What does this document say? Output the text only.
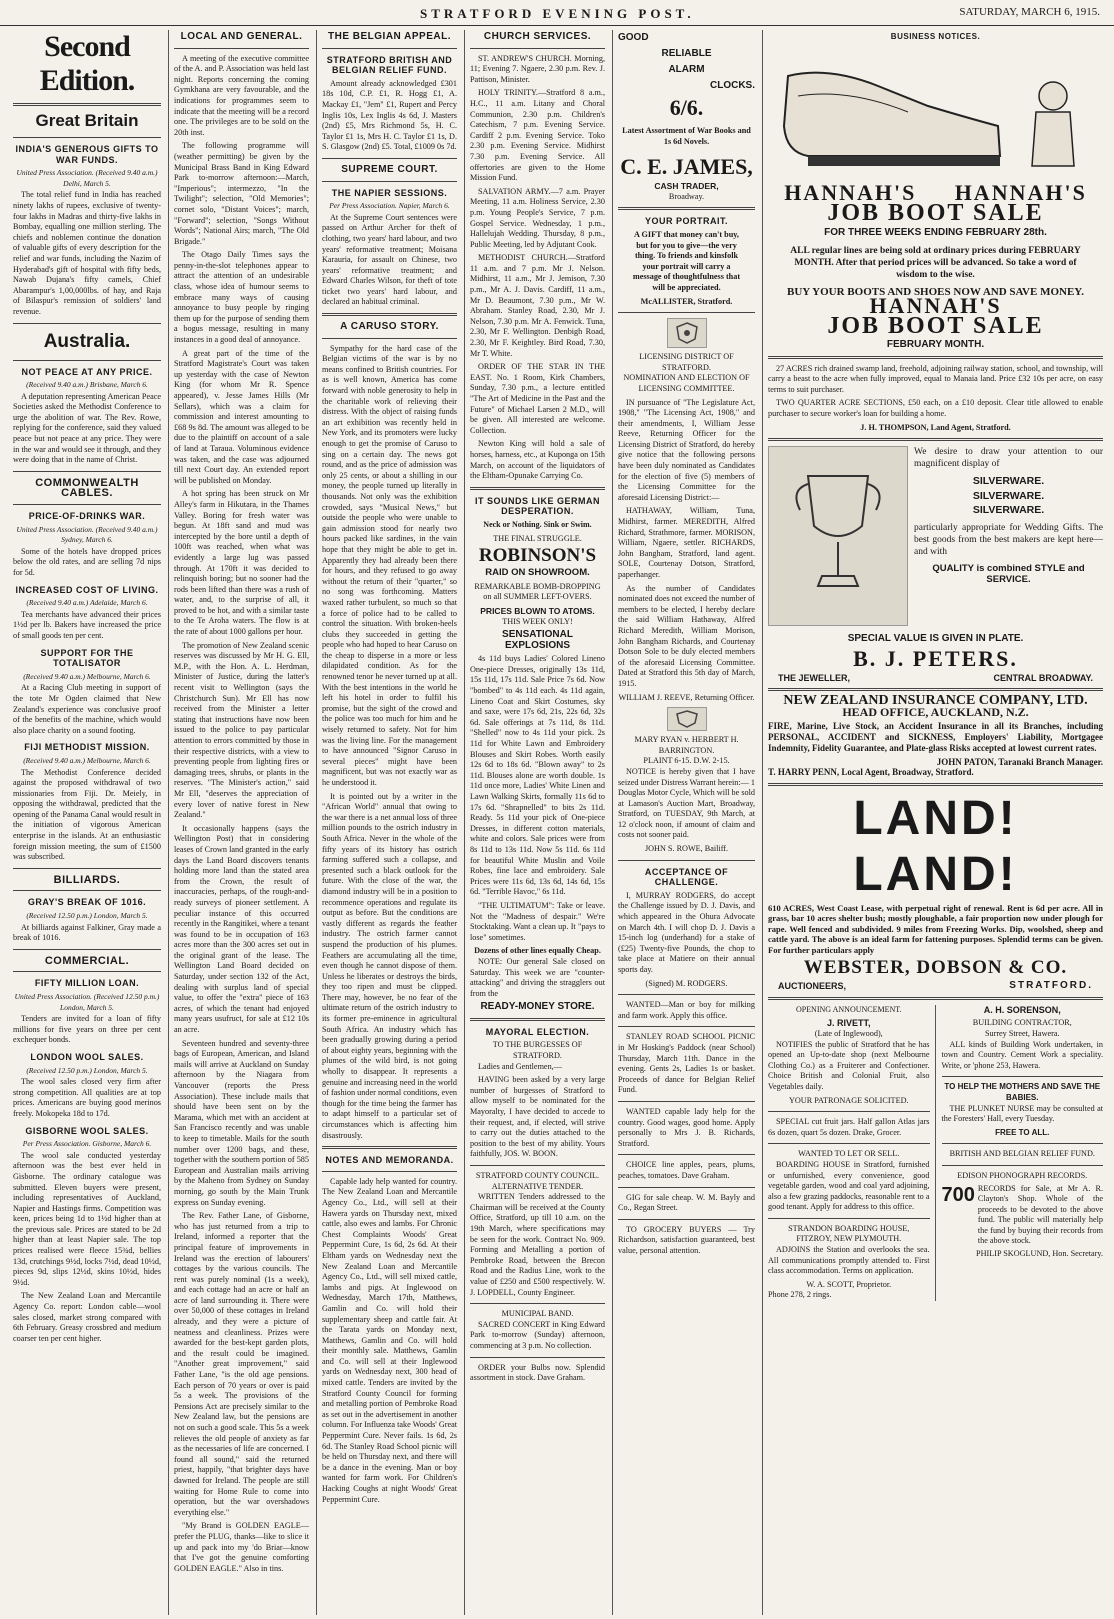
STRATFORD EVENING POST.	SATURDAY, MARCH 6, 1915.
Second Edition.
Great Britain
INDIA'S GENEROUS GIFTS TO WAR FUNDS.
United Press Association. (Received 9.40 a.m.) Delhi, March 5.

The total relief fund in India has reached ninety lakhs of rupees, exclusive of twenty-four lakhs in Madras and thirty-five lakhs in Bombay, equalling one million sterling. The chiefs and noblemen continue the donation of valuable gifts of every description for the relief and war funds, including the Nazim of Hyderabad's gift of hospital with fifty beds, Nawab Dujana's fifty camels, Chief Abarampur's 1,00,000lbs. of hay, and Raja of Bilaspur's remission of soldiers' land revenue.

Australia.
NOT PEACE AT ANY PRICE.
(Received 9.40 a.m.) Brisbane, March 6.

A deputation representing American Peace Societies asked the Methodist Conference to urge the abolition of war. The Rev. Rowe, replying for the conference, said they valued peace but not peace at any price. They were in the war and would see it through, and they were doing that in the name of Christ.

COMMONWEALTH CABLES.
PRICE-OF-DRINKS WAR.
United Press Association. (Received 9.40 a.m.) Sydney, March 6.

Some of the hotels have dropped prices below the old rates, and are selling 7d nips for 5d.

INCREASED COST OF LIVING.
(Received 9.40 a.m.) Adelaide, March 6.

Tea merchants have advanced their prices 1½d per lb. Bakers have increased the price of small goods ten per cent.

SUPPORT FOR THE TOTALISATOR
(Received 9.40 a.m.) Melbourne, March 6.

At a Racing Club meeting in support of the tote Mr Ogden claimed that New Zealand's experience was conclusive proof of the benefits of the machine, which would also place charity on a sound footing.

FIJI METHODIST MISSION.
(Received 9.40 a.m.) Melbourne, March 6.

The Methodist Conference decided against the proposed withdrawal of two missionaries from Fiji. Dr. Meiely, in opposing the withdrawal, predicted that the opening of the Panama Canal would result in the initiation of vigorous American enterprise in the islands. At an enthusiastic foreign mission meeting, the sum of £1500 was subscribed.

BILLIARDS.
GRAY'S BREAK OF 1016.
(Received 12.50 p.m.) London, March 5.

At billiards against Falkiner, Gray made a break of 1016.

COMMERCIAL.
FIFTY MILLION LOAN.
United Press Association. (Received 12.50 p.m.) London, March 5.

Tenders are invited for a loan of fifty millions for five years on three per cent exchequer bonds.

LONDON WOOL SALES.
(Received 12.50 p.m.) London, March 5.

The wool sales closed very firm after strong competition. All qualities are at top prices. Americans are buying good merinos freely. Mokopeka 18d to 17d.

GISBORNE WOOL SALES.
Per Press Association. Gisborne, March 6.

The wool sale conducted yesterday afternoon was the best ever held in Gisborne. The ordinary catalogue was submitted. Eleven buyers were present, including representatives of Auckland, Napier and Hastings firms. Competition was keen, prices being 1d to 1½d higher than at the previous sale. Prices are stated to be 2d higher than at least Napier sale. The top prices realised were fleece 15¾d, bellies 13d, crutchings 9½d, locks 7½d, dead 10½d, pieces 9d, slips 12½d, skins 10½d, hides 9½d.

The New Zealand Loan and Mercantile Agency Co. report: London cable—wool sales closed, market strong compared with 6th February. Greasy crossbred and medium coarser ten per cent higher.

LOCAL AND GENERAL.

A meeting of the executive committee of the A. and P. Association was held last night. Reports concerning the coming Gymkhana are very favourable, and the indications for programmes seem to indicate that the meeting will be a record one. The privileges are to be sold on the 20th inst.

The following programme will (weather permitting) be given by the Municipal Brass Band in King Edward Park to-morrow afternoon:—March, "Imperious"; intermezzo, "In the Twilight"; selection, "Old Memories"; cornet solo, "Distant Voices"; march, "Forward"; selection, "Songs Without Words"; National Airs; march, "The Old Brigade."

The Otago Daily Times says the penny-in-the-slot telephones appear to attract the attention of an undesirable class, whose idea of humour seems to embrace many ways of causing annoyance to busy people by ringing them up for the purpose of sending them a bogus message, resulting in many instances in a good deal of annoyance.

A great part of the time of the Stratford Magistrate's Court was taken up yesterday with the case of Newton King (for whom Mr R. Spence appeared), v. Jesse James Hills (Mr Sellars), which was a claim for commission and interest amounting to £68 9s 8d. The amount was alleged to be due to the plaintiff on account of a sale of land at Taraua. Voluminous evidence was taken, and the case was adjourned till next Court day. An extended report will be published on Monday.

A hot spring has been struck on Mr Alley's farm in Hikutara, in the Thames Valley. Boring for fresh water was begun. At 18ft sand and mud was intercepted by the bore until a depth of 100ft was reached, when what was evidently a large lug was passed through. At 170ft it was decided to relinquish boring; but no sooner had the rods been lifted than there was a rush of water, and, to the surprise of all, it proved to be hot, and with a similar taste to the Te Aroha waters. The flow is at the rate of about 1000 gallons per hour.

The promotion of New Zealand scenic reserves was discussed by Mr H. G. Ell, M.P., with the Hon. A. L. Herdman, Minister of Justice, during the latter's recent visit to Wellington (says the Christchurch Sun). Mr Ell has now received from the Minister a letter stating that instructions have now been issued to the police to pay particular attention to errors committed by those in their respective districts, with a view to preventing people from lighting fires or damaging trees, shrubs, or plants in the reserves. "The Minister's action," said Mr Ell, "deserves the appreciation of every lover of native forest in New Zealand."

It occasionally happens (says the Wellington Post) that in considering leases of Crown land granted in the early days the Land Board discovers tenants holding more land than the stated area from the Crown, the result of inaccuracies, perhaps, of the rough-and-ready surveys of pioneer settlement. A peculiar instance of this occurred recently in the Rangitikei, where a tenant was found to be in occupation of 163 acres more than the 300 acres set out in the original grant of the lease. The Wellington Land Board decided on Saturday, under section 132 of the Act, dealing with surplus land of special value, to offer the "extra" piece of 163 acres, of which the tenant had enjoyed many years usufruct, for sale at £12 10s an acre.

Seventeen hundred and seventy-three bags of European, American, and Island mails will arrive at Auckland on Sunday afternoon by the Niagara from Vancouver (reports the Press Association). These include mails that should have been sent on by the Marama, which met with an accident at San Francisco recently and was unable to keep to timetable. Mails for the south number over 1200 bags, and these, together with the southern portion of 585 European and Australian mails arriving by the Maheno from Sydney on Sunday morning, go south by the Main Trunk express on Sunday evening.

The Rev. Father Lane, of Gisborne, who has just returned from a trip to Ireland, informed a reporter that the principal feature of improvements in Ireland was the erection of labourers' cottages by the various councils. The rent was purely nominal (1s a week), and each cottage had an acre or half an acre of land surrounding it. There were over 50,000 of these cottages in Ireland already, and they were a picture of neatness and cleanliness. Prizes were awarded for the best-kept garden plots, and the result could be imagined. "Another great improvement," said Father Lane, "is the old age pensions. Each person of 70 years or over is paid 5s a week. The provisions of the Pensions Act are precisely similar to the New Zealand law, but the pensions are not on such a good scale. This 5s a week relieves the old people of anxiety as far as the necessaries of life are concerned. I found all sound," said the returned priest, happily, "that brighter days have dawned for Ireland. The people are still waiting for Home Rule to come into operation, but the war overshadows everything else."

"My Brand is GOLDEN EAGLE—prefer the PLUG, thanks—like to slice it up and pack into my 'do Briar—know that I've got the genuine comforting GOLDEN EAGLE." Also in tins.

THE BELGIAN APPEAL.
STRATFORD BRITISH AND BELGIAN RELIEF FUND.

Amount already acknowledged £301 18s 10d, C.P. £1, R. Hogg £1, A. Mackay £1, "Jem" £1, Rupert and Percy Inglis 10s, Lex Inglis 4s 6d, J. Masters (2nd) £5, Mrs Richmond 5s, H. C. Taylor £1 1s, Mrs H. C. Taylor £1 1s, D. S. Glasgow (2nd) £5. Total, £1009 0s 7d.

SUPREME COURT.
THE NAPIER SESSIONS.
Per Press Association. Napier, March 6.

At the Supreme Court sentences were passed on Arthur Archer for theft of clothing, two years' hard labour, and two years' reformative treatment; Moisana Karauria, for assault on Chinese, two years' reformative treatment; and Edward Charles Wilson, for theft of tote ticket two years' hard labour, and declared an habitual criminal.

A CARUSO STORY.

Sympathy for the hard case of the Belgian victims of the war is by no means confined to British countries. For as is well known, America has come forward with noble generosity to help in the charitable work of relieving their distress. With the object of raising funds an art exhibition was recently held in New York, and its promoters were lucky enough to get the promise of Caruso to sing on a certain day. The news got round, and as the price of admission was only 25 cents, or about a shilling in our money, the people turned up literally in thousands. Not only was the exhibition crowded, says "Musical News," but outside the people who were unable to gain admission stood for nearly two hours packed like sardines, in the vain hope that they might be able to get in. Apparently they had already been there for hours, and they refused to go away without the return of their "quarter," so no song was forthcoming. Matters waxed rather turbulent, so much so that a force of police had to be called to control the situation. With broken-heels clubs they succeeded in getting the people who had hoped to hear Caruso on the cheap to disperse in a more or less dilapidated condition. As for the renowned tenor he never turned up at all. With the best intentions in the world he left his hotel in order to fulfil his promise, but the sight of the crowd and the police was too much for him and he wisely returned to safety. Not for him was the living line. For the management to have announced "Signor Caruso in several pieces" might have been magnificent, but was not exactly war as he understood it.

It is pointed out by a writer in the "African World" annual that owing to the war there is a net annual loss of three million pounds to the ostrich industry in South Africa. Never in the whole of the fifty years of its history has ostrich farming suffered such a collapse, and presented such a black outlook for the future. With the close of the war, the diamond industry will be in a position to recommence operations and regulate its output as before. But the conditions are vastly different as regards the feather industry. The ostrich farmer cannot suspend the production of his plumes. Feathers are accumulating all the time, even though he cannot dispose of them. Unless he liberates or destroys the birds, they too ripen and must be clipped. There may, however, be no fear of the ultimate return of the ostrich industry to its former pre-eminence in agricultural South Africa. An industry which has been gradually growing during a period of about eighty years, beginning with the plumes of the wild bird, is not going wholly to disappear. It represents a genuine and increasing need in the world of fashion under normal conditions, even though for the time being the farmer has to adapt himself to a particular set of circumstances which is affecting him disastrously.

NOTES AND MEMORANDA.

Capable lady help wanted for country. The New Zealand Loan and Mercantile Agency Co., Ltd., will sell at their Hawera yards on Thursday next, mixed cattle, also ewes and lambs. For Chronic Chest Complaints Woods' Great Peppermint Cure, 1s 6d, 2s 6d. At their Eltham yards on Wednesday next the New Zealand Loan and Mercantile Agency Co., Ltd., will sell mixed cattle, lambs and pigs. At Inglewood on Wednesday, March 17th, Matthews, Gamlin and Co. will hold their supplementary sheep and cattle fair. At the Tarata yards on Monday next, Matthews, Gamlin and Co. will hold their monthly sale. Matthews, Gamlin and Co. will sell at their Inglewood yards on Wednesday next, 300 head of mixed cattle. Tenders are invited by the Stratford County Council for forming and metalling portion of Pembroke Road as set out in the advertisement in another column. For Influenza take Woods' Great Peppermint Cure. Never fails. 1s 6d, 2s 6d. The Stanley Road School picnic will be held on Thursday next, and there will be a dance in the evening. Man or boy wanted for farm work. For Children's Hacking Coughs at night Woods' Great Peppermint Cure.

CHURCH SERVICES.

ST. ANDREW'S CHURCH. Morning, 11; Evening 7. Ngaere, 2.30 p.m. Rev. J. Pattison, Minister.

HOLY TRINITY.—Stratford 8 a.m., H.C., 11 a.m. Litany and Choral Communion, 2.30 p.m. Children's Catechism, 7 p.m. Evening Service. Cardiff 2 p.m. Evening Service. Toko 2.30 p.m. Evening Service. Midhirst 7.30 p.m. Evening Service. All offertories are given to the Home Mission Fund.

SALVATION ARMY.—7 a.m. Prayer Meeting, 11 a.m. Holiness Service, 2.30 p.m. Young People's Service, 7 p.m. Gospel Service. Wednesday, 1 p.m., Hallelujah Wedding. Thursday, 8 p.m., Public Meeting, led by Adjutant Cook.

METHODIST CHURCH.—Stratford 11 a.m. and 7 p.m. Mr J. Nelson. Midhirst, 11 a.m., Mr J. Jemison, 7.30 p.m., Mr A. J. Davis. Cardiff, 11 a.m., Mr D. Beaumont, 7.30 p.m., Mr W. Abraham. Stanley Road, 2.30, Mr J. Nelson, 7.30 p.m. Mr A. Fenwick. Tuna, 2.30, Mr F. Wellington. Denbigh Road, 2.30, Mr F. Keightley. Bird Road, 7.30, Mr T. White.

ORDER OF THE STAR IN THE EAST. No. 1 Room, Kirk Chambers, Sunday, 7.30 p.m., a lecture entitled "The Art of Medicine in the Past and the Future" of Michael Larsen 2 M.D., will be given. All interested are welcome. Collection.

Newton King will hold a sale of horses, harness, etc., at Kuponga on 15th March, on account of the liquidators of the Eltham-Opunake Carrying Co.

IT SOUNDS LIKE GERMAN DESPERATION.
Neck or Nothing. Sink or Swim.
THE FINAL STRUGGLE.
ROBINSON'S
RAID ON SHOWROOM.
REMARKABLE BOMB-DROPPING on all SUMMER LEFT-OVERS.
PRICES BLOWN TO ATOMS.
THIS WEEK ONLY!
SENSATIONAL EXPLOSIONS

4s 11d buys Ladies' Colored Lineno One-piece Dresses, originally 13s 11d, 15s 11d, 17s 11d. Sale Price 7s 6d. Now "bombed" to 4s 11d each. 4s 11d again, Lineno Coat and Skirt Costumes, sky and saxe, were 17s 6d, 21s, 22s 6d, 32s 6d. Sale offerings at 7s 11d, 8s 11d. "Shelled" now to 4s 11d your pick. 2s 11d for White Lawn and Embroidery Blouses and Skirt Robes. Worth easily 12s 6d to 18s 6d. "Blown away" to 2s 11d. Blouses alone are worth double. 1s 11d once more, Ladies' White Linen and Lawn Walking Skirts, formally 11s 6d to 17s 6d. "Shrapnelled" to bits 2s 11d. Ready. 5s 11d your pick of One-piece Dresses, in different cotton materials, white and colors. Sale prices were from 8s 11d to 13s 11d. Now 5s 11d. 6s 11d for beautiful White Muslin and Voile Robes, fine lace and embroidery. Sale Prices were 11s 6d, 13s 6d, 14s 6d, 15s 6d. "Terrible Havoc," 6s 11d.

"THE ULTIMATUM": Take or leave. Not the "Madness of despair." We're Stocktaking. Want a clean up. It "pays to lose" sometimes.

Dozens of other lines equally Cheap.

NOTE: Our general Sale closed on Saturday. This week we are "counter-attacking" and driving the stragglers out from the

READY-MONEY STORE.
MAYORAL ELECTION.
TO THE BURGESSES OF STRATFORD.

Ladies and Gentlemen,—

HAVING been asked by a very large number of burgesses of Stratford to allow myself to be nominated for the Mayoralty, I have decided to accede to their request, and, if elected, will strive to carry out the duties attached to the position to the best of my ability. Yours faithfully, JOS. W. BOON.

STRATFORD COUNTY COUNCIL.
ALTERNATIVE TENDER.

WRITTEN Tenders addressed to the Chairman will be received at the County Office, Stratford, up till 10 a.m. on the 19th March, where specifications may be seen for the work. Contract No. 909. Forming and Metalling a portion of Pembroke Road, between the Brecon Road and the Radius Line, work to the value of £250 and £500 respectively. W. J. LOPDELL, County Engineer.

MUNICIPAL BAND.

SACRED CONCERT in King Edward Park to-morrow (Sunday) afternoon, commencing at 3 p.m. No collection.

ORDER your Bulbs now. Splendid assortment in stock. Dave Graham.

GOOD
RELIABLE
ALARM
CLOCKS.
6/6.
Latest Assortment of War Books and 1s 6d Novels.
C. E. JAMES,
CASH TRADER,
Broadway.
YOUR PORTRAIT.
A GIFT that money can't buy, but for you to give—the very thing. To friends and kinsfolk your portrait will carry a message of thoughtfulness that will be appreciated.
McALLISTER, Stratford.
LICENSING DISTRICT OF STRATFORD.
NOMINATION AND ELECTION OF LICENSING COMMITTEE.

IN pursuance of "The Legislature Act, 1908," "The Licensing Act, 1908," and their amendments, I, William Jesse Reeve, Returning Officer for the Licensing District of Stratford, do hereby give notice that the following persons have been duly nominated as Candidates for the election of five (5) members of the Licensing Committee for the aforesaid Licensing District:—

HATHAWAY, William, Tuna, Midhirst, farmer. MEREDITH, Alfred Richard, Strathmore, farmer. MORISON, William, Ngaere, settler. RICHARDS, John Bangham, Stratford, land agent. SOLE, Courtenay Dotson, Stratford, paperhanger.

As the number of Candidates nominated does not exceed the number of members to be elected, I hereby declare the said William Hathaway, Alfred Richard Meredith, William Morison, John Bangham Richards, and Courtenay Dotson Sole to be duly elected members of the aforesaid Licensing Committee. Dated at Stratford this 5th day of March, 1915.

WILLIAM J. REEVE, Returning Officer.
MARY RYAN v. HERBERT H. BARRINGTON.
PLAINT 6-15. D.W. 2-15.

NOTICE is hereby given that I have seized under Distress Warrant herein:— 1 Douglas Motor Cycle, Which will be sold at Lamason's Auction Mart, Broadway, Stratford, on TUESDAY, 9th March, at 12 o'clock noon, if amount of claim and costs not sooner paid.

JOHN S. ROWE, Bailiff.
ACCEPTANCE OF CHALLENGE.

I, MURRAY RODGERS, do accept the Challenge issued by D. J. Davis, and which appeared in the Ohura Advocate on March 4th. I will chop D. J. Davis a 15-inch log (underhand) for a stake of (£25) Twenty-five Pounds, the chop to take place at Matiere on their annual sports day.

(Signed) M. RODGERS.

WANTED—Man or boy for milking and farm work. Apply this office.

STANLEY ROAD SCHOOL PICNIC in Mr Hosking's Paddock (near School) Thursday, March 11th. Dance in the evening. Gents 2s, Ladies 1s or basket. Proceeds of dance for Belgian Relief Fund.

WANTED capable lady help for the country. Good wages, good home. Apply personally to Mrs J. B. Richards, Stratford.

CHOICE line apples, pears, plums, peaches, tomatoes. Dave Graham.

GIG for sale cheap. W. M. Bayly and Co., Regan Street.

TO GROCERY BUYERS — Try Richardson, satisfaction guaranteed, best value, personal attention.

BUSINESS NOTICES.
HANNAH'S HANNAH'S
JOB BOOT SALE
FOR THREE WEEKS ENDING FEBRUARY 28th.
ALL regular lines are being sold at ordinary prices during FEBRUARY MONTH. After that period prices will be advanced. So take a word of wisdom to the wise.
BUY YOUR BOOTS AND SHOES NOW AND SAVE MONEY.
HANNAH'S
JOB BOOT SALE
FEBRUARY MONTH.

27 ACRES rich drained swamp land, freehold, adjoining railway station, school, and township, will carry a beast to the acre when fully improved, equal to Manaia land. Price £32 10s per acre, on easy terms to suit purchaser.

TWO QUARTER ACRE SECTIONS, £50 each, on a £10 deposit. Clear title allowed to enable purchaser to secure worker's loan for building a home.

J. H. THOMPSON, Land Agent, Stratford.
We desire to draw your attention to our magnificent display of
SILVERWARE.
SILVERWARE.
SILVERWARE.
particularly appropriate for Wedding Gifts. The best goods from the best makers are kept here—and with
QUALITY is combined STYLE and SERVICE.
SPECIAL VALUE IS GIVEN IN PLATE.
B. J. PETERS.
THE JEWELLER,	CENTRAL BROADWAY.
NEW ZEALAND INSURANCE COMPANY, LTD.
HEAD OFFICE, AUCKLAND, N.Z.
FIRE, Marine, Live Stock, an Accident Insurance in all its Branches, including PERSONAL, ACCIDENT and SICKNESS, Employers' Liability, Mortgagee Indemnity, Fidelity Guarantee, and Plate-glass Risks accepted at lowest current rates.
JOHN PATON, Taranaki Branch Manager.
T. HARRY PENN, Local Agent, Broadway, Stratford.
LAND! LAND!
610 ACRES, West Coast Lease, with perpetual right of renewal. Rent is 6d per acre. All in grass, bar 10 acres shelter bush; mostly ploughable, a fair proportion now under plough for rape. Well fenced and subdivided. 9 miles from Freezing Works. Dip, woolshed, sheep and cattle yard. The above is an ideal farm for fattening purposes. Splendid terms can be given. For further particulars apply
WEBSTER, DOBSON & CO.
AUCTIONEERS,	STRATFORD.
OPENING ANNOUNCEMENT.
J. RIVETT,
(Late of Inglewood),

NOTIFIES the public of Stratford that he has opened an Up-to-date shop (next Melbourne Clothing Co.) as a Fruiterer and Confectioner. Choice British and Colonial Fruit, also Vegetables daily.

YOUR PATRONAGE SOLICITED.

SPECIAL cut fruit jars. Half gallon Atlas jars 6s dozen, quart 5s dozen. Drake, Grocer.

WANTED TO LET OR SELL.

BOARDING HOUSE in Stratford, furnished or unfurnished, every convenience, good vegetable garden, wood and coal yard adjoining, also a few grazing paddocks, reasonable rent to a good tenant. Apply for address to this office.

STRANDON BOARDING HOUSE,
FITZROY, NEW PLYMOUTH.

ADJOINS the Station and overlooks the sea. All communications promptly attended to. First class accommodation. Terms on application.

W. A. SCOTT, Proprietor.
Phone 278, 2 rings.
A. H. SORENSON,
BUILDING CONTRACTOR,
Surrey Street, Hawera.

ALL kinds of Building Work undertaken, in town and Country. Cement Work a speciality. Write, or 'phone 253, Hawera.

TO HELP THE MOTHERS AND SAVE THE BABIES.

THE PLUNKET NURSE may be consulted at the Foresters' Hall, every Tuesday.

FREE TO ALL.
BRITISH AND BELGIAN RELIEF FUND.
EDISON PHONOGRAPH RECORDS.
700 RECORDS for Sale, at Mr A. R. Clayton's Shop. Whole of the proceeds to be devoted to the above fund. The public will materially help the fund by buying their records from the above stock.
PHILIP SKOGLUND, Hon. Secretary.
